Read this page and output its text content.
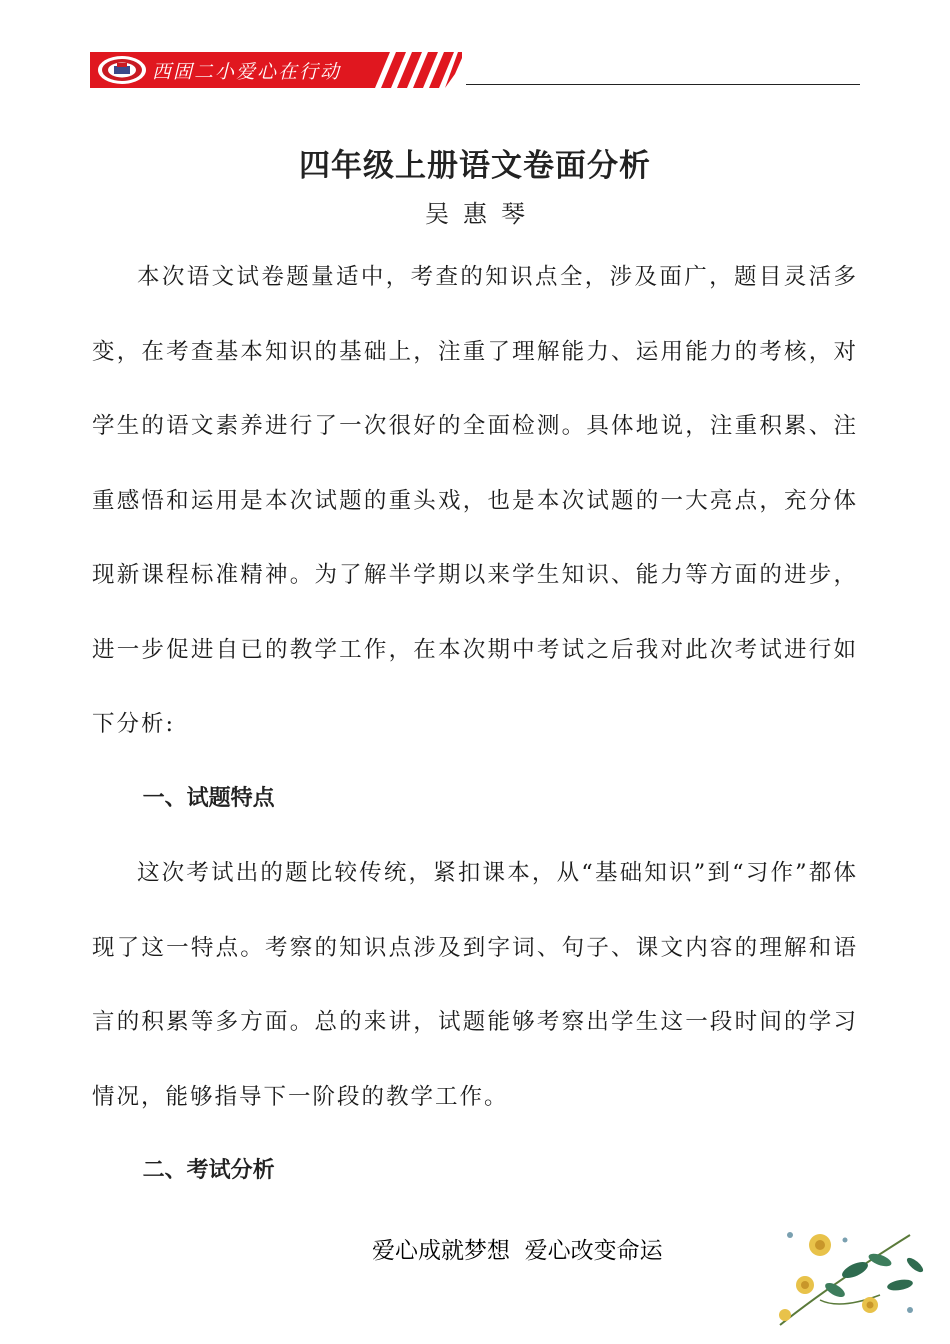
西固二小爱心在行动
四年级上册语文卷面分析
吴惠琴

本次语文试卷题量适中，考查的知识点全，涉及面广，题目灵活多变，在考查基本知识的基础上，注重了理解能力、运用能力的考核，对学生的语文素养进行了一次很好的全面检测。具体地说，注重积累、注重感悟和运用是本次试题的重头戏，也是本次试题的一大亮点，充分体现新课程标准精神。为了解半学期以来学生知识、能力等方面的进步，进一步促进自已的教学工作，在本次期中考试之后我对此次考试进行如下分析:

一、试题特点

这次考试出的题比较传统，紧扣课本，从“基础知识”到“习作”都体现了这一特点。考察的知识点涉及到字词、句子、课文内容的理解和语言的积累等多方面。总的来讲，试题能够考察出学生这一段时间的学习情况，能够指导下一阶段的教学工作。

二、考试分析

爱心成就梦想  爱心改变命运
